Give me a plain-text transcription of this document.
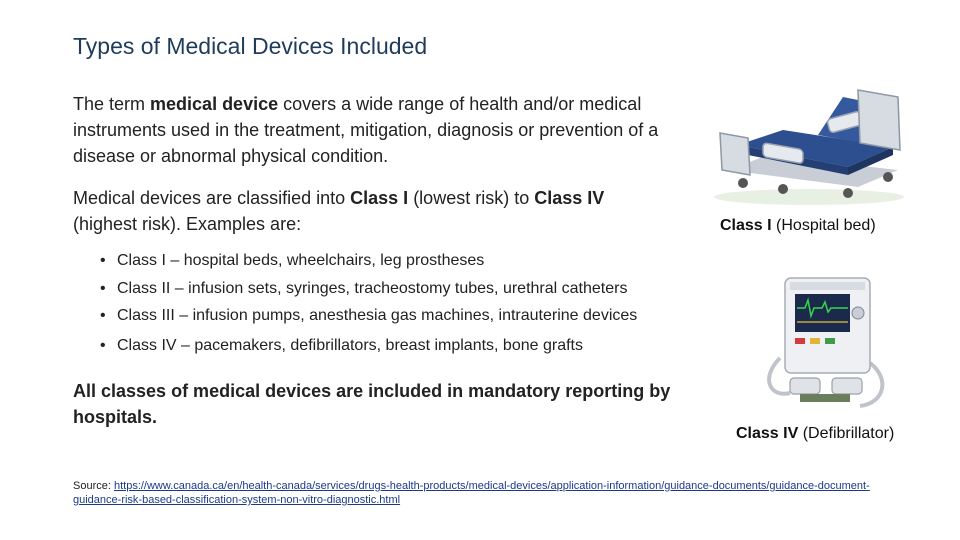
Types of Medical Devices Included

The term medical device covers a wide range of health and/or medical instruments used in the treatment, mitigation, diagnosis or prevention of a disease or abnormal physical condition.

Medical devices are classified into Class I (lowest risk) to Class IV (highest risk). Examples are:

• Class I – hospital beds, wheelchairs, leg prostheses
• Class II – infusion sets, syringes, tracheostomy tubes, urethral catheters
• Class III – infusion pumps, anesthesia gas machines, intrauterine devices
• Class IV – pacemakers, defibrillators, breast implants, bone grafts

All classes of medical devices are included in mandatory reporting by hospitals.

Class I (Hospital bed)
Class IV (Defibrillator)

Source: https://www.canada.ca/en/health-canada/services/drugs-health-products/medical-devices/application-information/guidance-documents/guidance-document-guidance-risk-based-classification-system-non-vitro-diagnostic.html
